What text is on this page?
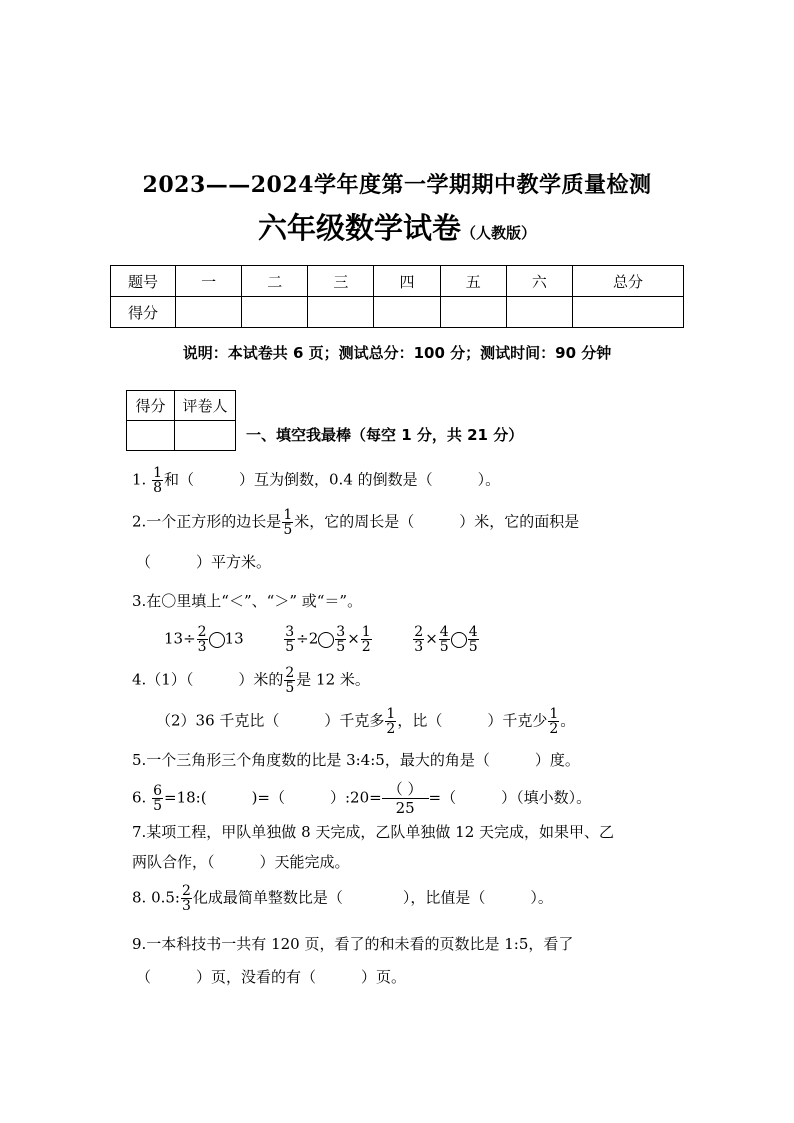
2023——2024学年度第一学期期中教学质量检测
六年级数学试卷（人教版）
题号	一	二	三	四	五	六	总分
得分							
说明：本试卷共 6 页；测试总分：100 分；测试时间：90 分钟
得分	评卷人

一、填空我最棒（每空 1 分，共 21 分）
1. $\frac{1}{8}$ 和（　　　）互为倒数，0.4 的倒数是（　　　）。
2.一个正方形的边长是 $\frac{1}{5}$ 米，它的周长是（　　　）米，它的面积是
（　　　）平方米。
3.在〇里填上“＜”、“＞” 或“＝”。
$13\div \frac{2}{3} 13$	$\frac{3}{5} \div 2 \frac{3}{5} \times \frac{1}{2}$
	$\frac{2}{3} \times \frac{4}{5} \frac{4}{5}$
4.（1）（　　　）米的 $\frac{2}{5}$ 是 12 米。
（2）36 千克比（　　　）千克多 $\frac{1}{2}$ ，比（　　　）千克少 $\frac{1}{2}$ 。
5.一个三角形三个角度数的比是 3:4:5，最大的角是（　　　）度。
6. $\frac{6}{5}$ =18:(　　　)=（　　　）:20= （ ）
25
=（　　　）（填小数）。
7.某项工程，甲队单独做 8 天完成，乙队单独做 12 天完成，如果甲、乙
两队合作，（　　　）天能完成。
8. 0.5: $\frac{2}{3}$ 化成最简单整数比是（　　　　），比值是（　　　）。
9.一本科技书一共有 120 页，看了的和未看的页数比是 1:5，看了
（　　　）页，没看的有（　　　）页。
